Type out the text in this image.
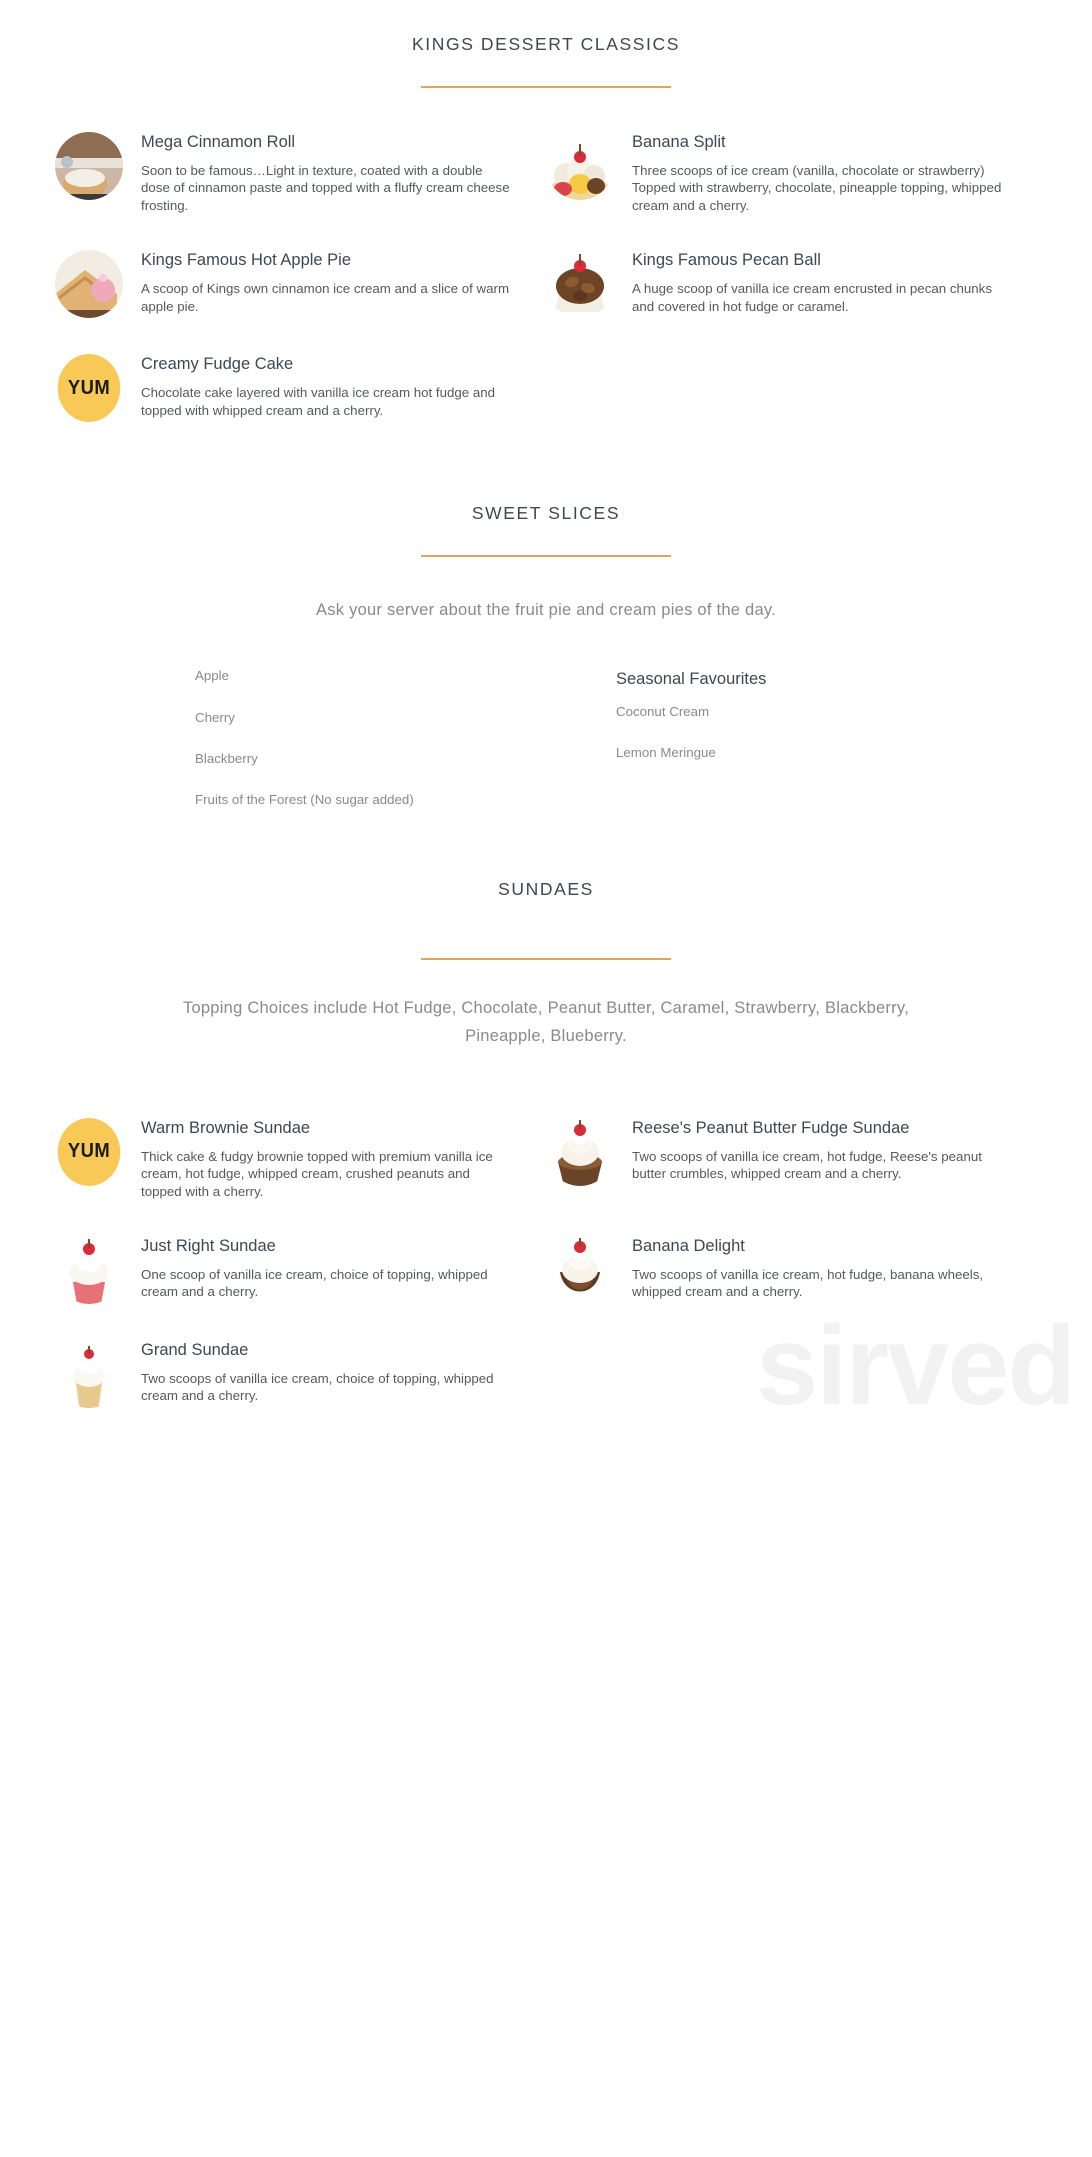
sirved
KINGS DESSERT CLASSICS
Mega Cinnamon Roll
Soon to be famous…Light in texture, coated with a double dose of cinnamon paste and topped with a fluffy cream cheese frosting.
Banana Split
Three scoops of ice cream (vanilla, chocolate or strawberry) Topped with strawberry, chocolate, pineapple topping, whipped cream and a cherry.
Kings Famous Hot Apple Pie
A scoop of Kings own cinnamon ice cream and a slice of warm apple pie.
Kings Famous Pecan Ball
A huge scoop of vanilla ice cream encrusted in pecan chunks and covered in hot fudge or caramel.
YUM
Creamy Fudge Cake
Chocolate cake layered with vanilla ice cream hot fudge and topped with whipped cream and a cherry.
SWEET SLICES
Ask your server about the fruit pie and cream pies of the day.
Apple
Cherry
Blackberry
Fruits of the Forest (No sugar added)
Seasonal Favourites
Coconut Cream
Lemon Meringue
SUNDAES
Topping Choices include Hot Fudge, Chocolate, Peanut Butter, Caramel, Strawberry, Blackberry, Pineapple, Blueberry.
YUM
Warm Brownie Sundae
Thick cake & fudgy brownie topped with premium vanilla ice cream, hot fudge, whipped cream, crushed peanuts and topped with a cherry.
Reese's Peanut Butter Fudge Sundae
Two scoops of vanilla ice cream, hot fudge, Reese's peanut butter crumbles, whipped cream and a cherry.
Just Right Sundae
One scoop of vanilla ice cream, choice of topping, whipped cream and a cherry.
Banana Delight
Two scoops of vanilla ice cream, hot fudge, banana wheels, whipped cream and a cherry.
Grand Sundae
Two scoops of vanilla ice cream, choice of topping, whipped cream and a cherry.
